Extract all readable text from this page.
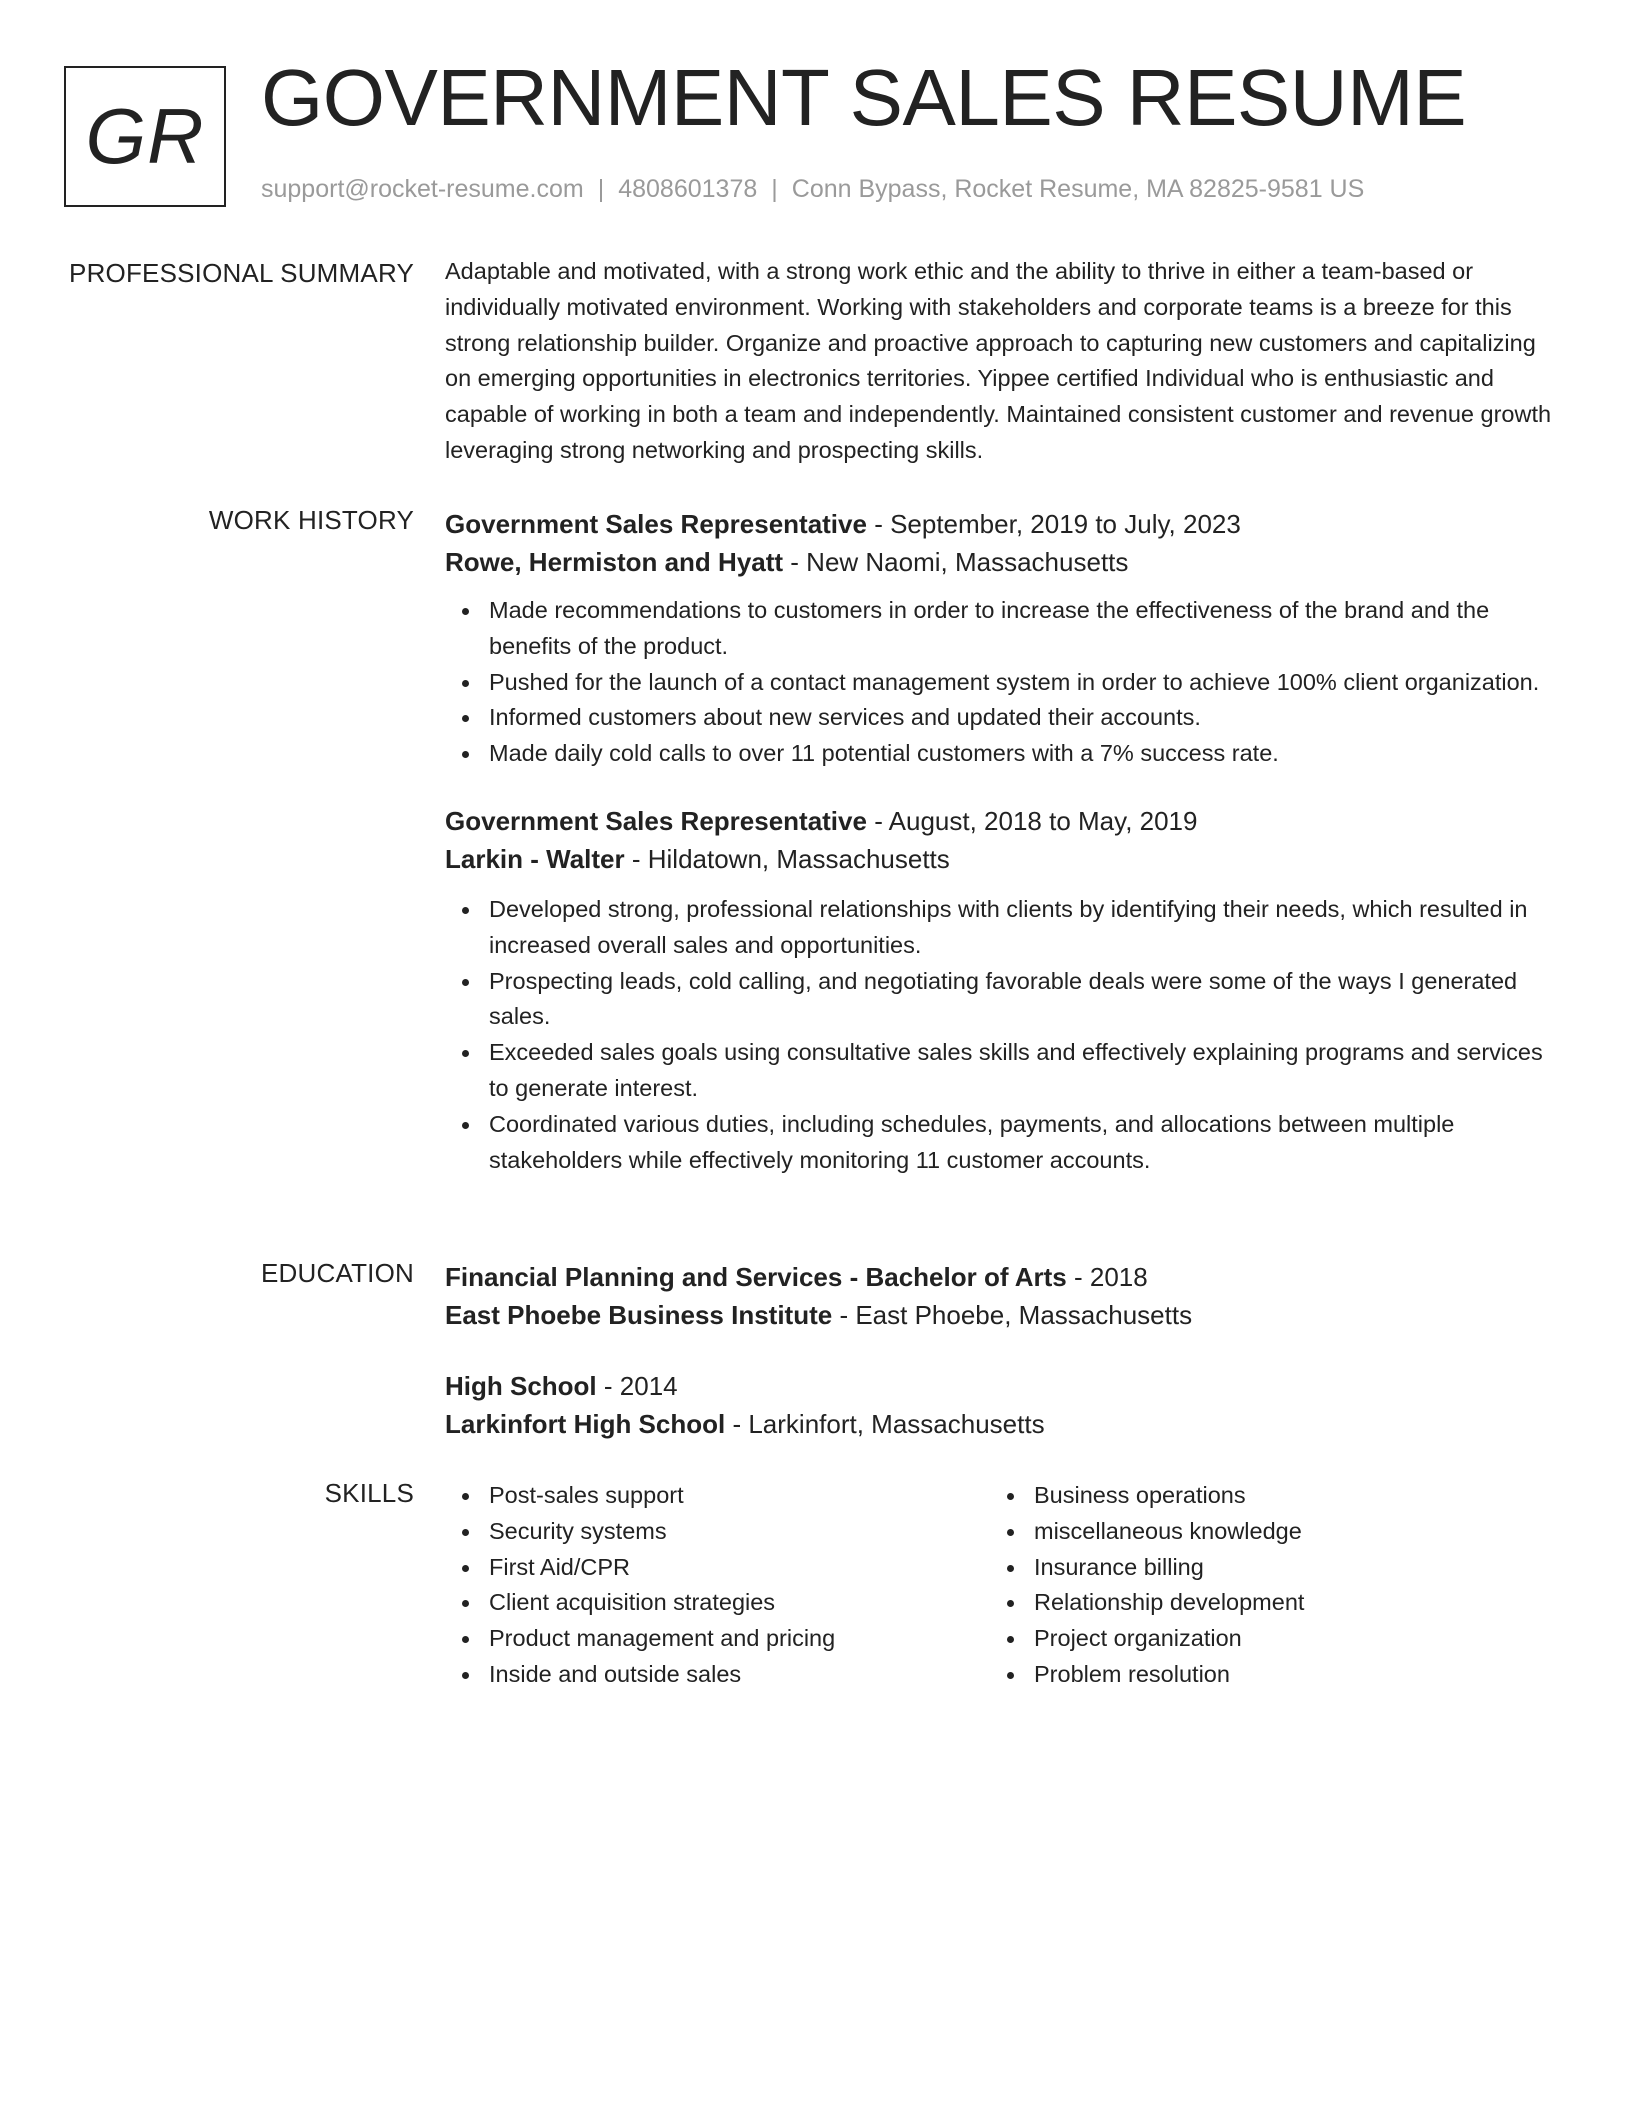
GR GOVERNMENT SALES RESUME
support@rocket-resume.com | 4808601378 | Conn Bypass, Rocket Resume, MA 82825-9581 US
PROFESSIONAL SUMMARY Adaptable and motivated, with a strong work ethic and the ability to thrive in either a team-based or individually motivated environment. Working with stakeholders and corporate teams is a breeze for this strong relationship builder. Organize and proactive approach to capturing new customers and capitalizing on emerging opportunities in electronics territories. Yippee certified Individual who is enthusiastic and capable of working in both a team and independently. Maintained consistent customer and revenue growth leveraging strong networking and prospecting skills.

WORK HISTORY Government Sales Representative - September, 2019 to July, 2023

Rowe, Hermiston and Hyatt - New Naomi, Massachusetts

Made recommendations to customers in order to increase the effectiveness of the brand and the benefits of the product.
Pushed for the launch of a contact management system in order to achieve 100% client organization.
Informed customers about new services and updated their accounts.
Made daily cold calls to over 11 potential customers with a 7% success rate.

Government Sales Representative - August, 2018 to May, 2019

Larkin - Walter - Hildatown, Massachusetts

Developed strong, professional relationships with clients by identifying their needs, which resulted in increased overall sales and opportunities.
Prospecting leads, cold calling, and negotiating favorable deals were some of the ways I generated sales.
Exceeded sales goals using consultative sales skills and effectively explaining programs and services to generate interest.
Coordinated various duties, including schedules, payments, and allocations between multiple stakeholders while effectively monitoring 11 customer accounts.
EDUCATION Financial Planning and Services - Bachelor of Arts - 2018

East Phoebe Business Institute - East Phoebe, Massachusetts

High School - 2014

Larkinfort High School - Larkinfort, Massachusetts

SKILLS	Post-sales support
Security systems
First Aid/CPR
Client acquisition strategies
Product management and pricing
Inside and outside sales
Business operations
miscellaneous knowledge
Insurance billing
Relationship development
Project organization
Problem resolution
